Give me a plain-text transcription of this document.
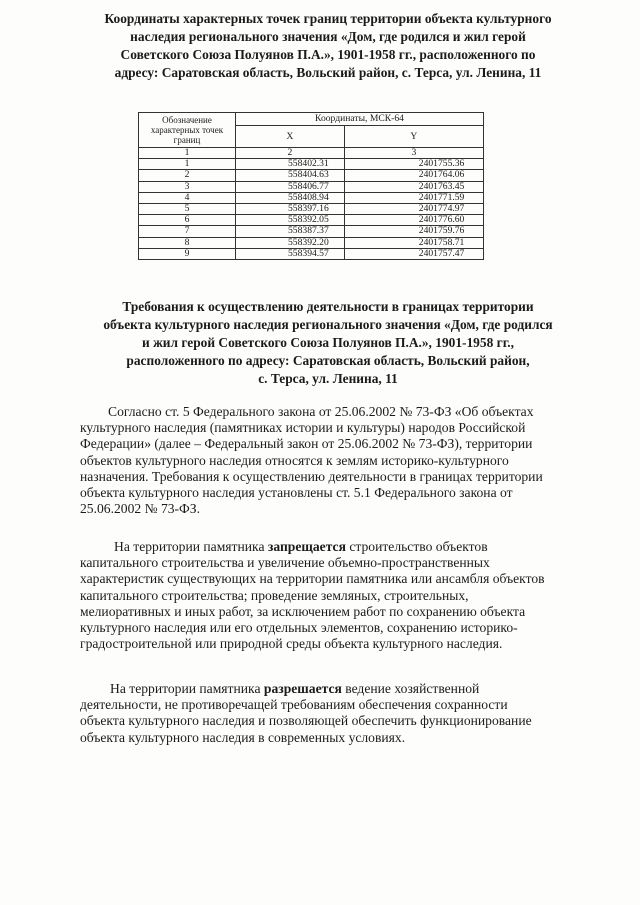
Координаты характерных точек границ территории объекта культурного
наследия регионального значения «Дом, где родился и жил герой
Советского Союза Полуянов П.А.», 1901-1958 гг., расположенного по
адресу: Саратовская область, Вольский район, с. Терса, ул. Ленина, 11
Обозначение характерных точек границ	Координаты, МСК-64	
	X	Y
1	2	3
1	558402.31	2401755.36
2	558404.63	2401764.06
3	558406.77	2401763.45
4	558408.94	2401771.59
5	558397.16	2401774.97
6	558392.05	2401776.60
7	558387.37	2401759.76
8	558392.20	2401758.71
9	558394.57	2401757.47
Требования к осуществлению деятельности в границах территории
объекта культурного наследия регионального значения «Дом, где родился
и жил герой Советского Союза Полуянов П.А.», 1901-1958 гг.,
расположенного по адресу: Саратовская область, Вольский район,
с. Терса, ул. Ленина, 11
Согласно ст. 5 Федерального закона от 25.06.2002 № 73-ФЗ «Об объектах
культурного наследия (памятниках истории и культуры) народов Российской
Федерации» (далее – Федеральный закон от 25.06.2002 № 73-ФЗ), территории
объектов культурного наследия относятся к землям историко-культурного
назначения. Требования к осуществлению деятельности в границах территории
объекта культурного наследия установлены ст. 5.1 Федерального закона от
25.06.2002 № 73-ФЗ.
На территории памятника запрещается строительство объектов
капитального строительства и увеличение объемно-пространственных
характеристик существующих на территории памятника или ансамбля объектов
капитального строительства; проведение земляных, строительных,
мелиоративных и иных работ, за исключением работ по сохранению объекта
культурного наследия или его отдельных элементов, сохранению историко-
градостроительной или природной среды объекта культурного наследия.
На территории памятника разрешается ведение хозяйственной
деятельности, не противоречащей требованиям обеспечения сохранности
объекта культурного наследия и позволяющей обеспечить функционирование
объекта культурного наследия в современных условиях.
